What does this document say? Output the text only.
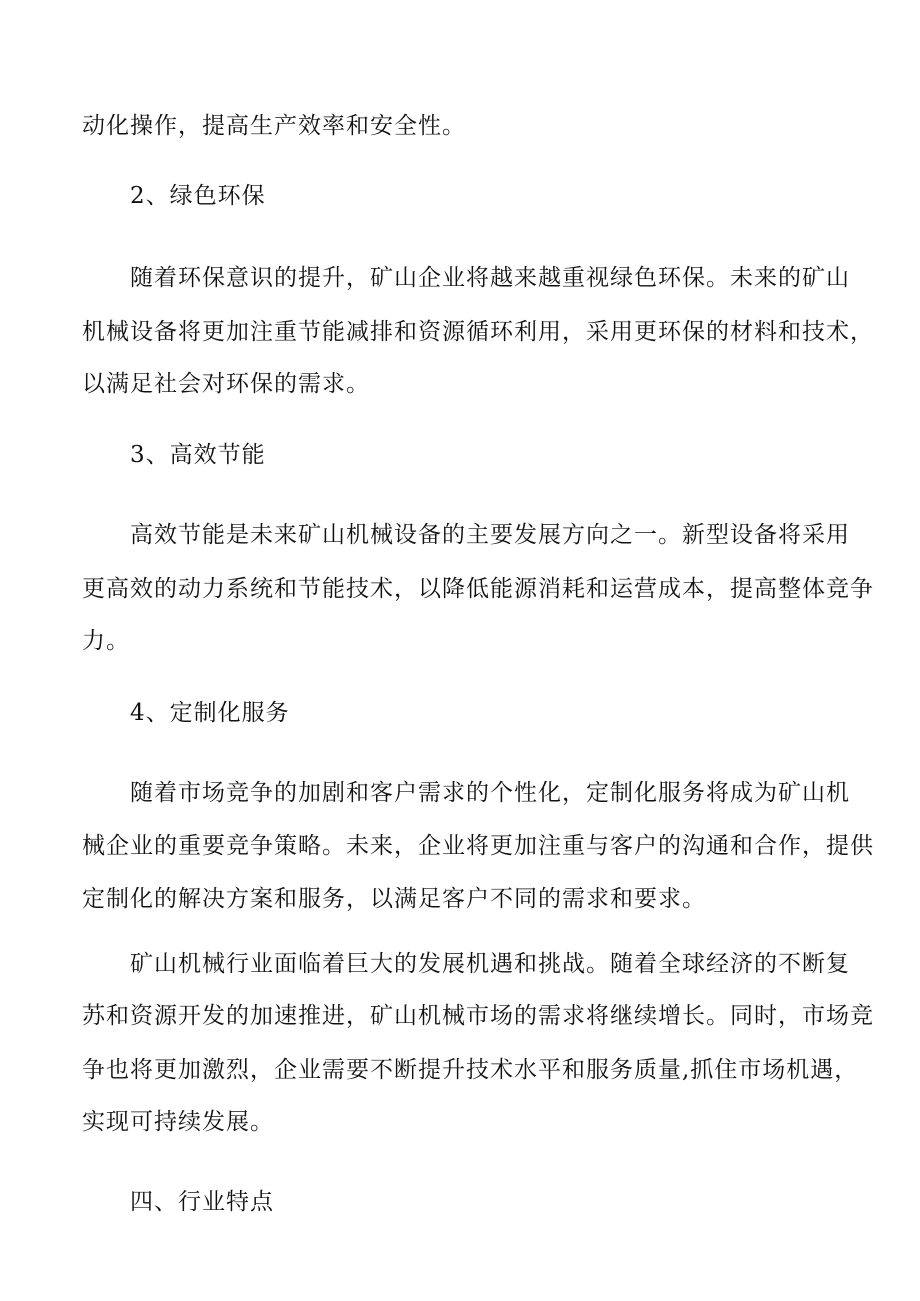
动化操作，提高生产效率和安全性。
2、绿色环保
随着环保意识的提升，矿山企业将越来越重视绿色环保。未来的矿山
机械设备将更加注重节能减排和资源循环利用，采用更环保的材料和技术，
以满足社会对环保的需求。
3、高效节能
高效节能是未来矿山机械设备的主要发展方向之一。新型设备将采用
更高效的动力系统和节能技术，以降低能源消耗和运营成本，提高整体竞争
力。
4、定制化服务
随着市场竞争的加剧和客户需求的个性化，定制化服务将成为矿山机
械企业的重要竞争策略。未来，企业将更加注重与客户的沟通和合作，提供
定制化的解决方案和服务，以满足客户不同的需求和要求。
矿山机械行业面临着巨大的发展机遇和挑战。随着全球经济的不断复
苏和资源开发的加速推进，矿山机械市场的需求将继续增长。同时，市场竞
争也将更加激烈，企业需要不断提升技术水平和服务质量,抓住市场机遇，
实现可持续发展。
四、行业特点
